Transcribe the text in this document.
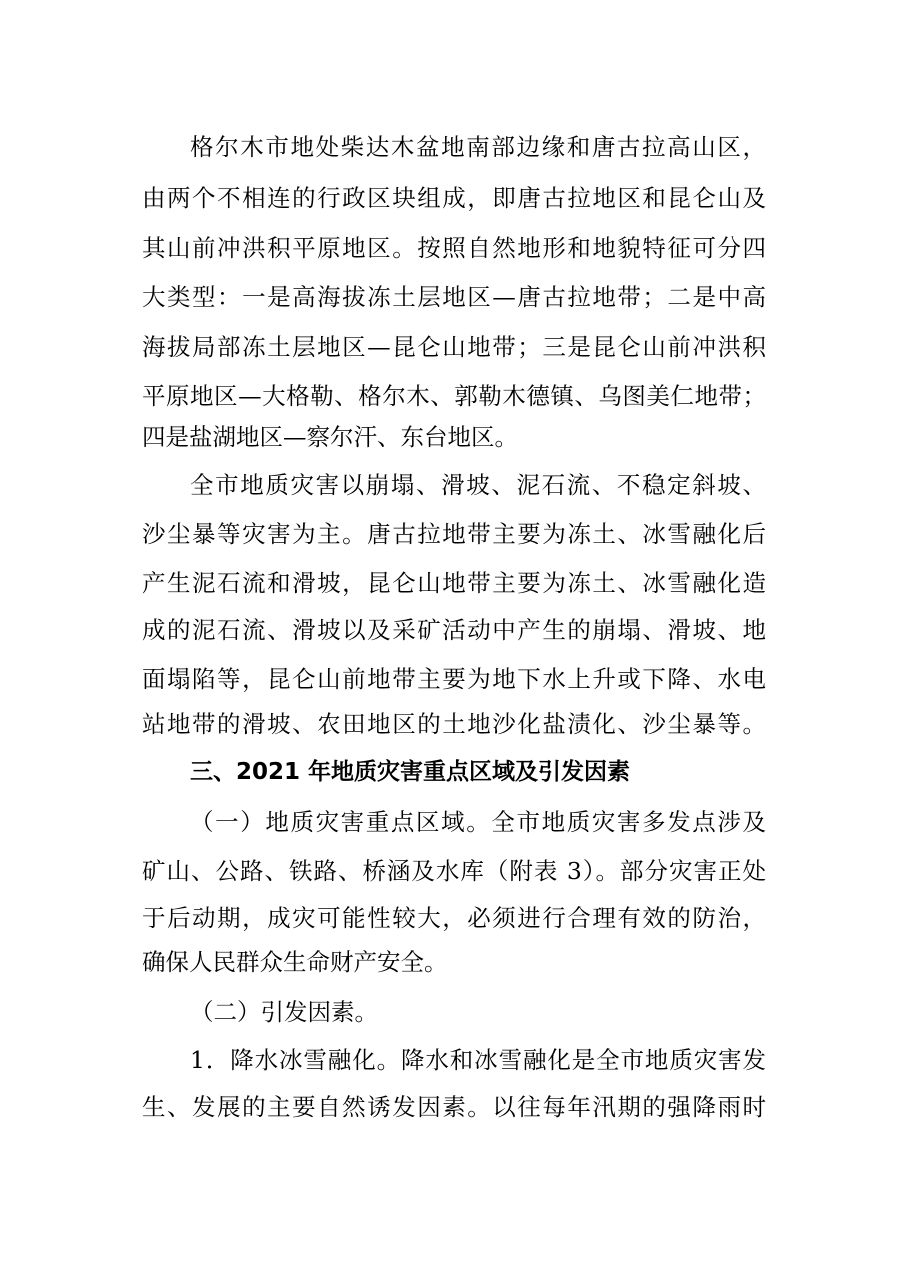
格尔木市地处柴达木盆地南部边缘和唐古拉高山区，
由两个不相连的行政区块组成，即唐古拉地区和昆仑山及
其山前冲洪积平原地区。按照自然地形和地貌特征可分四
大类型：一是高海拔冻土层地区—唐古拉地带；二是中高
海拔局部冻土层地区—昆仑山地带；三是昆仑山前冲洪积
平原地区—大格勒、格尔木、郭勒木德镇、乌图美仁地带；
四是盐湖地区—察尔汗、东台地区。
全市地质灾害以崩塌、滑坡、泥石流、不稳定斜坡、
沙尘暴等灾害为主。唐古拉地带主要为冻土、冰雪融化后
产生泥石流和滑坡，昆仑山地带主要为冻土、冰雪融化造
成的泥石流、滑坡以及采矿活动中产生的崩塌、滑坡、地
面塌陷等，昆仑山前地带主要为地下水上升或下降、水电
站地带的滑坡、农田地区的土地沙化盐渍化、沙尘暴等。
三、2021 年地质灾害重点区域及引发因素
（一）地质灾害重点区域。全市地质灾害多发点涉及
矿山、公路、铁路、桥涵及水库（附表 3）。部分灾害正处
于后动期，成灾可能性较大，必须进行合理有效的防治，
确保人民群众生命财产安全。
（二）引发因素。
1．降水冰雪融化。降水和冰雪融化是全市地质灾害发
生、发展的主要自然诱发因素。以往每年汛期的强降雨时
